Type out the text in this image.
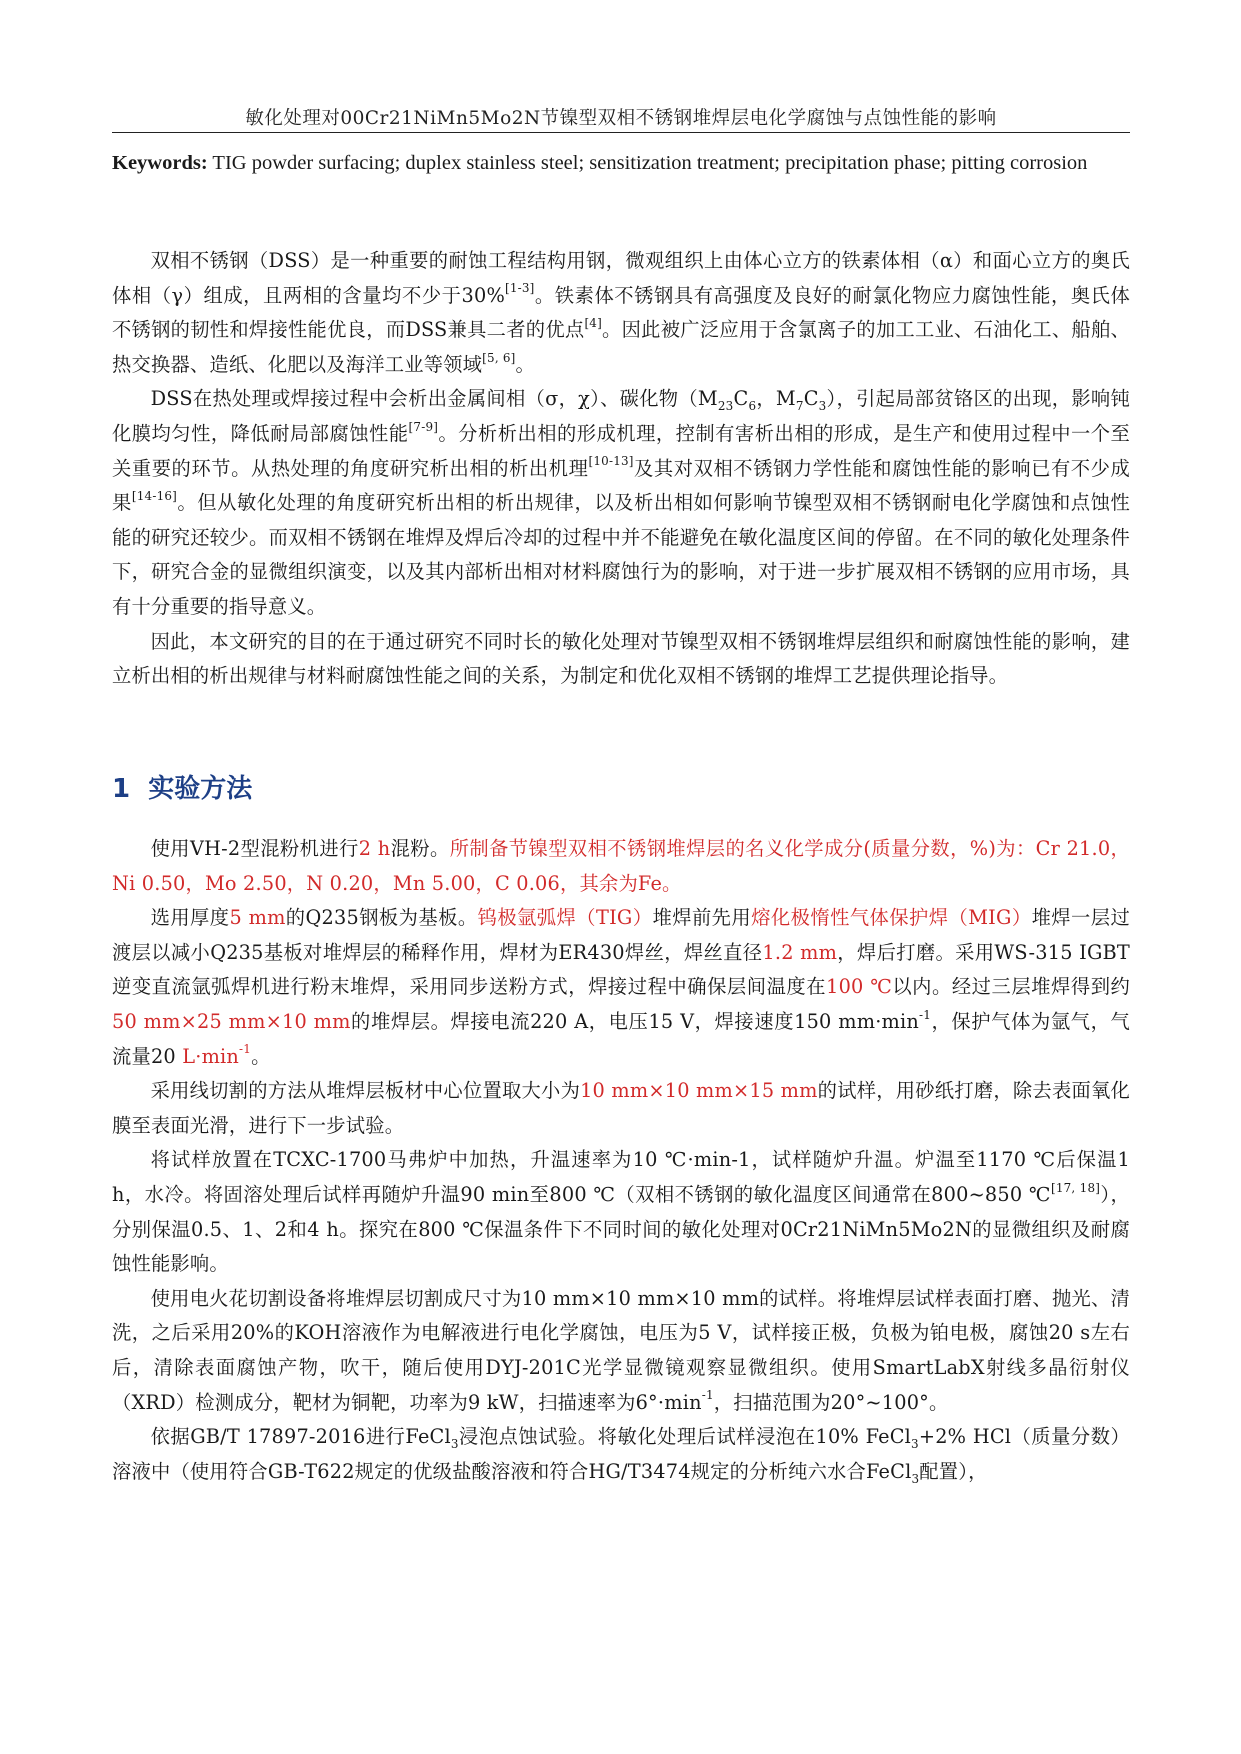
敏化处理对00Cr21NiMn5Mo2N节镍型双相不锈钢堆焊层电化学腐蚀与点蚀性能的影响
Keywords: TIG powder surfacing; duplex stainless steel; sensitization treatment; precipitation phase; pitting corrosion

双相不锈钢（DSS）是一种重要的耐蚀工程结构用钢，微观组织上由体心立方的铁素体相（α）和面心立方的奥氏体相（γ）组成，且两相的含量均不少于30%[1-3]。铁素体不锈钢具有高强度及良好的耐氯化物应力腐蚀性能，奥氏体不锈钢的韧性和焊接性能优良，而DSS兼具二者的优点[4]。因此被广泛应用于含氯离子的加工工业、石油化工、船舶、热交换器、造纸、化肥以及海洋工业等领域[5, 6]。

DSS在热处理或焊接过程中会析出金属间相（σ，χ）、碳化物（$M_{23}C_6$，$M_7C_3$），引起局部贫铬区的出现，影响钝化膜均匀性，降低耐局部腐蚀性能[7-9]。分析析出相的形成机理，控制有害析出相的形成，是生产和使用过程中一个至关重要的环节。从热处理的角度研究析出相的析出机理[10-13]及其对双相不锈钢力学性能和腐蚀性能的影响已有不少成果[14-16]。但从敏化处理的角度研究析出相的析出规律，以及析出相如何影响节镍型双相不锈钢耐电化学腐蚀和点蚀性能的研究还较少。而双相不锈钢在堆焊及焊后冷却的过程中并不能避免在敏化温度区间的停留。在不同的敏化处理条件下，研究合金的显微组织演变，以及其内部析出相对材料腐蚀行为的影响，对于进一步扩展双相不锈钢的应用市场，具有十分重要的指导意义。

因此，本文研究的目的在于通过研究不同时长的敏化处理对节镍型双相不锈钢堆焊层组织和耐腐蚀性能的影响，建立析出相的析出规律与材料耐腐蚀性能之间的关系，为制定和优化双相不锈钢的堆焊工艺提供理论指导。

1 实验方法

使用VH-2型混粉机进行2 h混粉。所制备节镍型双相不锈钢堆焊层的名义化学成分(质量分数，%)为：Cr 21.0，Ni 0.50，Mo 2.50，N 0.20，Mn 5.00，C 0.06，其余为Fe。

选用厚度5 mm的Q235钢板为基板。钨极氩弧焊（TIG）堆焊前先用熔化极惰性气体保护焊（MIG）堆焊一层过渡层以减小Q235基板对堆焊层的稀释作用，焊材为ER430焊丝，焊丝直径1.2 mm，焊后打磨。采用WS-315 IGBT逆变直流氩弧焊机进行粉末堆焊，采用同步送粉方式，焊接过程中确保层间温度在100 ℃以内。经过三层堆焊得到约50 mm×25 mm×10 mm的堆焊层。焊接电流220 A，电压15 V，焊接速度150 $mm\cdot\min^{-1}$，保护气体为氩气，气流量20 $L\cdot\min^{-1}$。

采用线切割的方法从堆焊层板材中心位置取大小为10 mm×10 mm×15 mm的试样，用砂纸打磨，除去表面氧化膜至表面光滑，进行下一步试验。

将试样放置在TCXC-1700马弗炉中加热，升温速率为10 ℃·min-1，试样随炉升温。炉温至1170 ℃后保温1 h，水冷。将固溶处理后试样再随炉升温90 min至800 ℃（双相不锈钢的敏化温度区间通常在800~850 ℃[17, 18]），分别保温0.5、1、2和4 h。探究在800 ℃保温条件下不同时间的敏化处理对0Cr21NiMn5Mo2N的显微组织及耐腐蚀性能影响。

使用电火花切割设备将堆焊层切割成尺寸为10 mm×10 mm×10 mm的试样。将堆焊层试样表面打磨、抛光、清洗，之后采用20%的KOH溶液作为电解液进行电化学腐蚀，电压为5 V，试样接正极，负极为铂电极，腐蚀20 s左右后，清除表面腐蚀产物，吹干，随后使用DYJ-201C光学显微镜观察显微组织。使用SmartLabX射线多晶衍射仪（XRD）检测成分，靶材为铜靶，功率为9 kW，扫描速率为$6^\circ\cdot\min^{-1}$，扫描范围为20°~100°。

依据GB/T 17897-2016进行FeCl$_3$浸泡点蚀试验。将敏化处理后试样浸泡在10% FeCl$_3$+2% HCl（质量分数）溶液中（使用符合GB-T622规定的优级盐酸溶液和符合HG/T3474规定的分析纯六水合FeCl$_3$配置），
